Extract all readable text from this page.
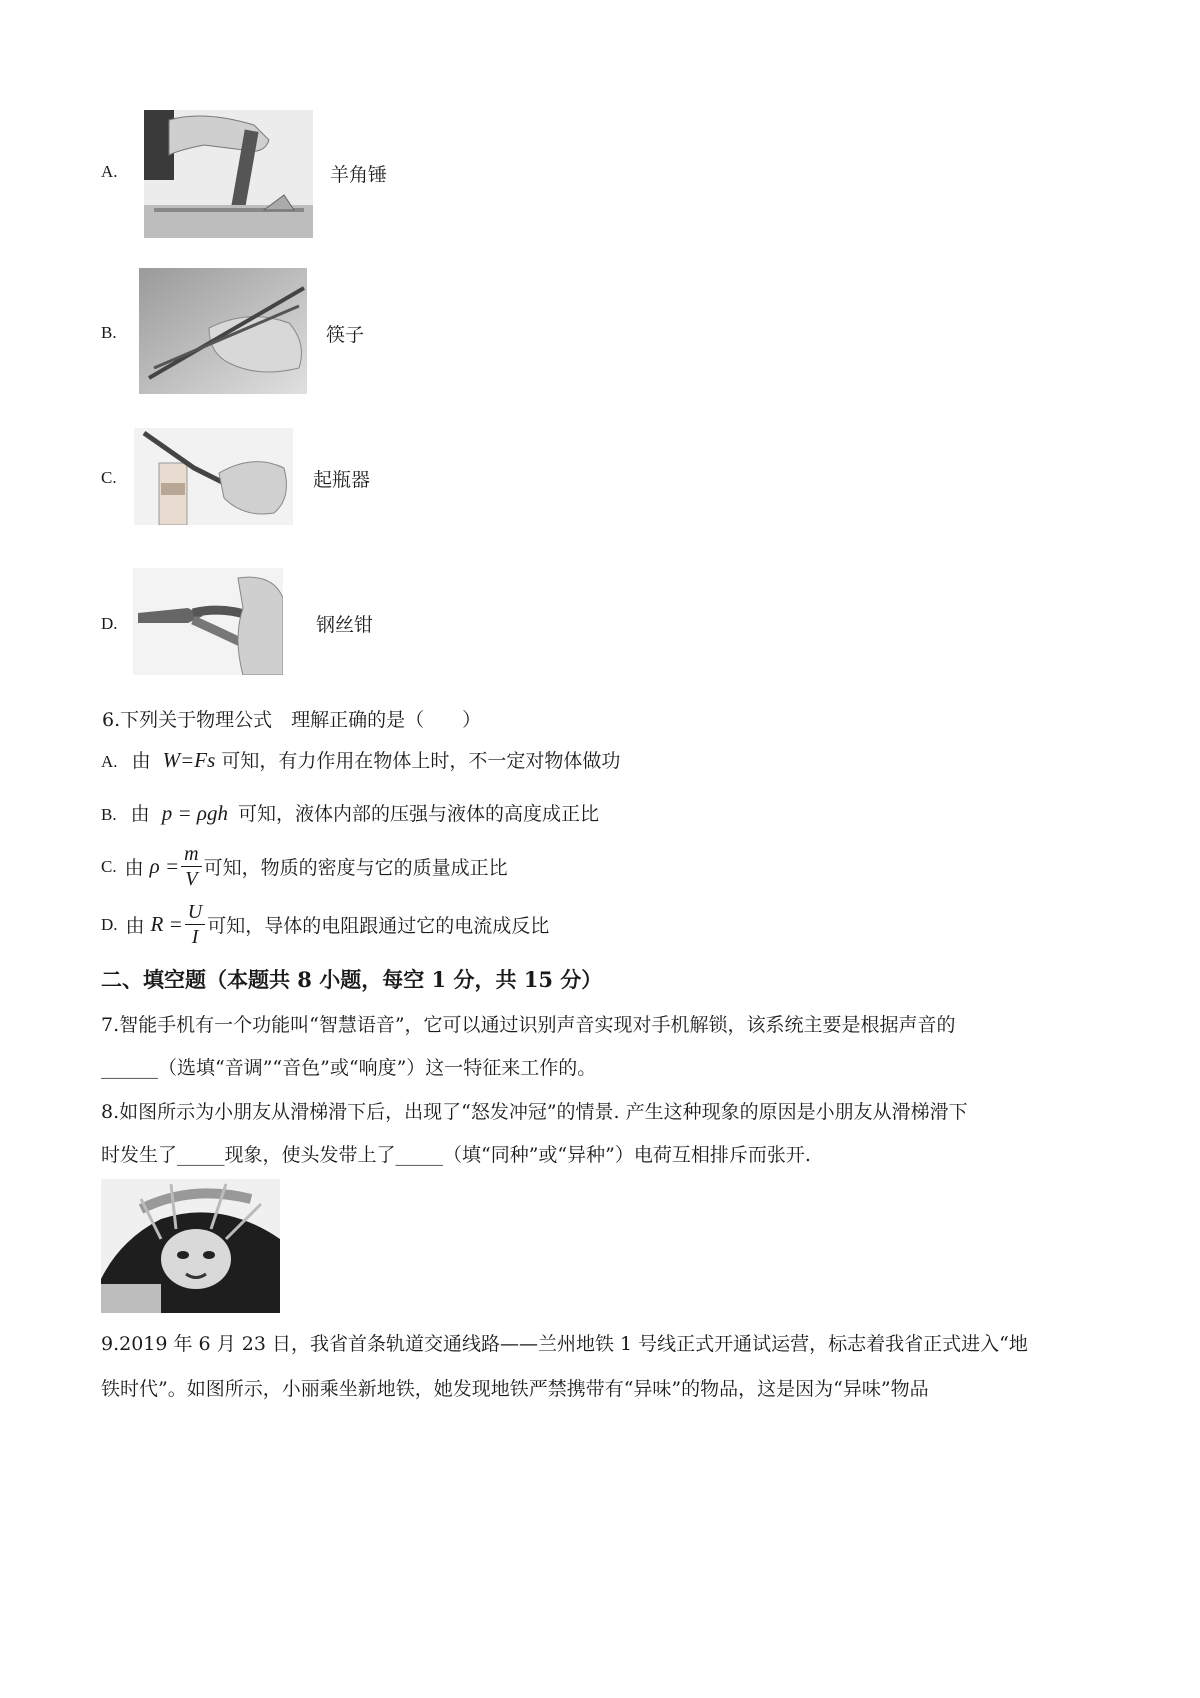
A.	羊角锤
B.	筷子
C.	起瓶器
D.	钢丝钳
6.下列关于物理公式　理解正确的是（　　）
A. 由 W=Fs 可知，有力作用在物体上时，不一定对物体做功
B. 由 p = ρgh 可知，液体内部的压强与液体的高度成正比
C. 由 $\rho = \frac{m}{V}$ 可知，物质的密度与它的质量成正比
D. 由 $R = \frac{U}{I}$ 可知，导体的电阻跟通过它的电流成反比
二、填空题（本题共 8 小题，每空 1 分，共 15 分）
7.智能手机有一个功能叫“智慧语音”，它可以通过识别声音实现对手机解锁，该系统主要是根据声音的
______（选填“音调”“音色”或“响度”）这一特征来工作的。
8.如图所示为小朋友从滑梯滑下后，出现了“怒发冲冠”的情景. 产生这种现象的原因是小朋友从滑梯滑下
时发生了_____现象，使头发带上了_____（填“同种”或“异种”）电荷互相排斥而张开.
9.2019 年 6 月 23 日，我省首条轨道交通线路——兰州地铁 1 号线正式开通试运营，标志着我省正式进入“地
铁时代”。如图所示，小丽乘坐新地铁，她发现地铁严禁携带有“异味”的物品，这是因为“异味”物品
